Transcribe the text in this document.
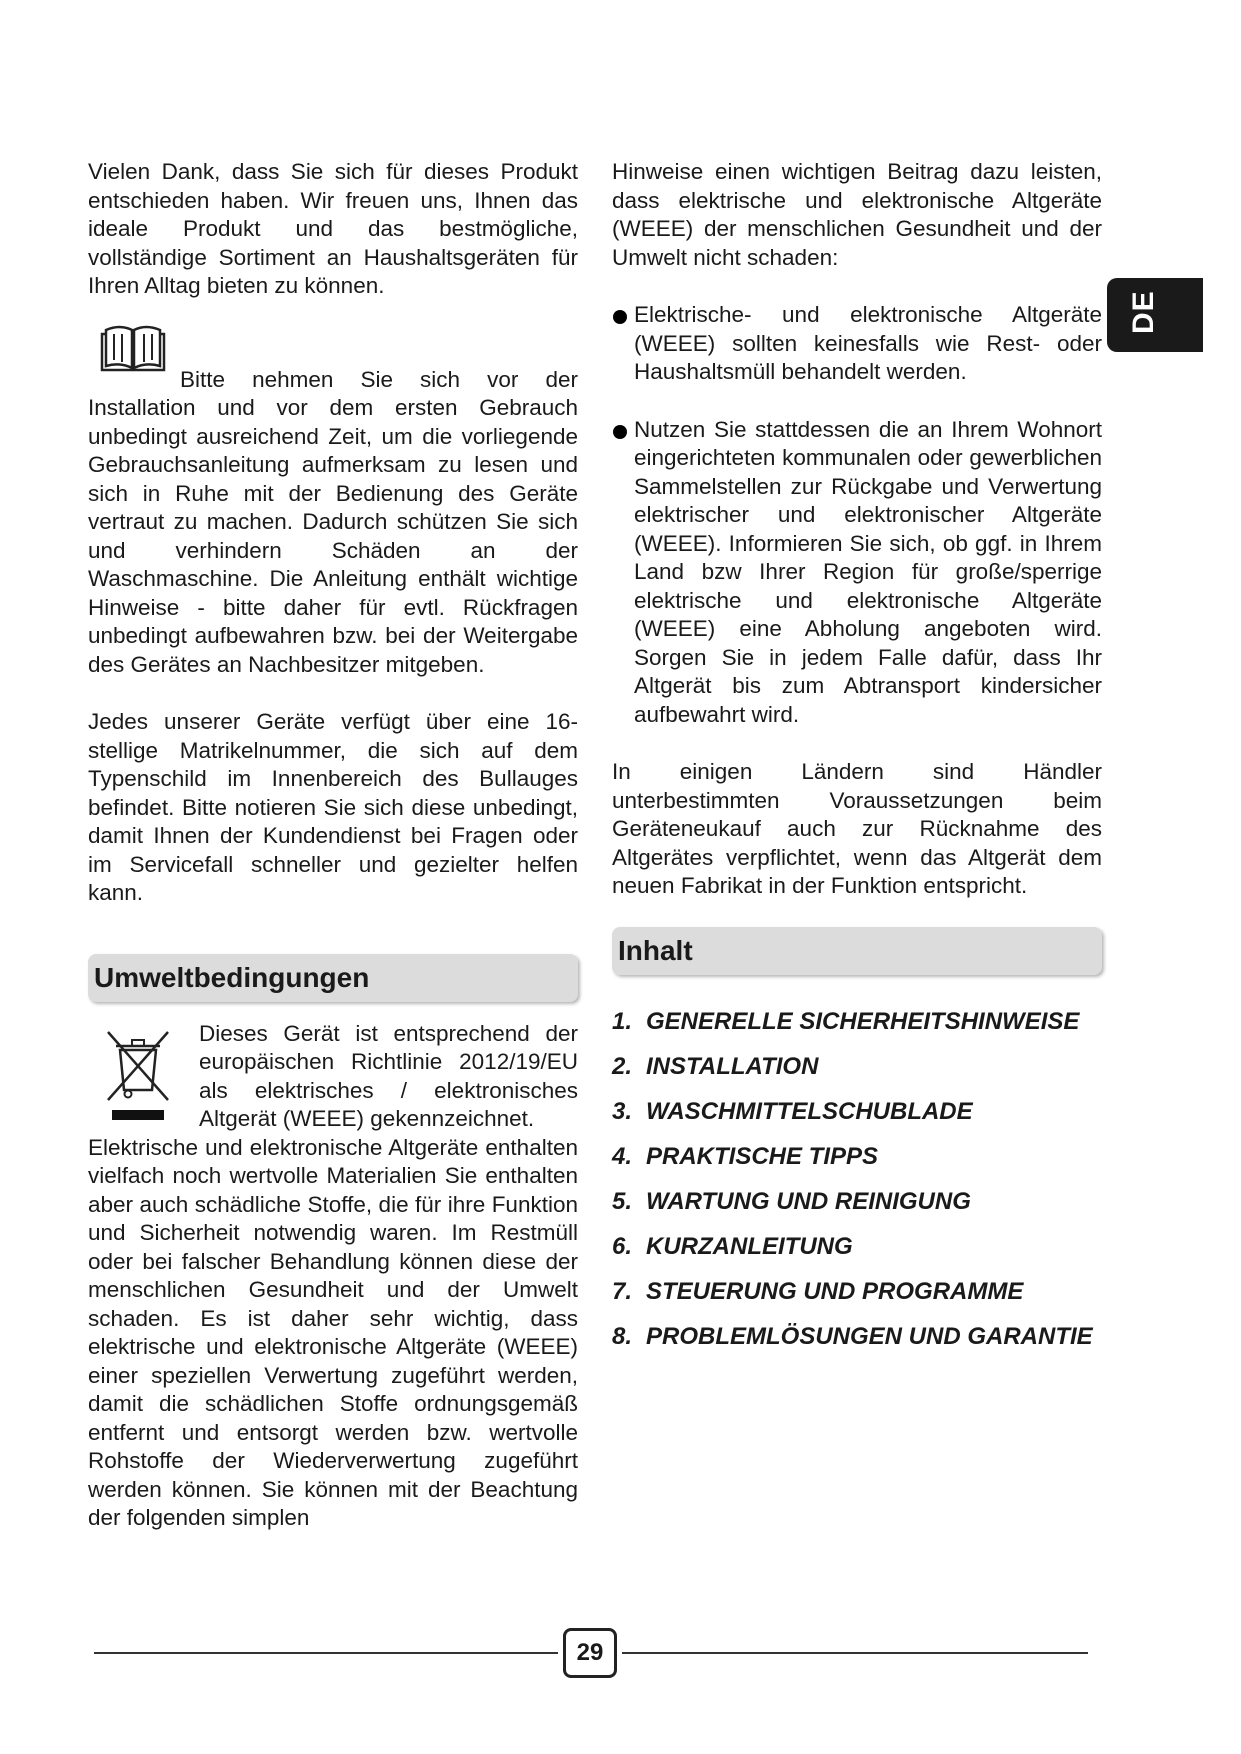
Vielen Dank, dass Sie sich für dieses Produkt entschieden haben. Wir freuen uns, Ihnen das ideale Produkt und das bestmögliche, vollständige Sortiment an Haushaltsgeräten für Ihren Alltag bieten zu können.

Bitte nehmen Sie sich vor der Installation und vor dem ersten Gebrauch unbedingt ausreichend Zeit, um die vorliegende Gebrauchsanleitung aufmerksam zu lesen und sich in Ruhe mit der Bedienung des Geräte vertraut zu machen. Dadurch schützen Sie sich und verhindern Schäden an der Waschmaschine. Die Anleitung enthält wichtige Hinweise - bitte daher für evtl. Rückfragen unbedingt aufbewahren bzw. bei der Weitergabe des Gerätes an Nachbesitzer mitgeben.

Jedes unserer Geräte verfügt über eine 16-stellige Matrikelnummer, die sich auf dem Typenschild im Innenbereich des Bullauges befindet. Bitte notieren Sie sich diese unbedingt, damit Ihnen der Kundendienst bei Fragen oder im Servicefall schneller und gezielter helfen kann.

Umweltbedingungen

Dieses Gerät ist entsprechend der europäischen Richtlinie 2012/19/EU als elektrisches / elektronisches Altgerät (WEEE) gekennzeichnet.

Elektrische und elektronische Altgeräte enthalten vielfach noch wertvolle Materialien Sie enthalten aber auch schädliche Stoffe, die für ihre Funktion und Sicherheit notwendig waren. Im Restmüll oder bei falscher Behandlung können diese der menschlichen Gesundheit und der Umwelt schaden. Es ist daher sehr wichtig, dass elektrische und elektronische Altgeräte (WEEE) einer speziellen Verwertung zugeführt werden, damit die schädlichen Stoffe ordnungsgemäß entfernt und entsorgt werden bzw. wertvolle Rohstoffe der Wiederverwertung zugeführt werden können. Sie können mit der Beachtung der folgenden simplen

Hinweise einen wichtigen Beitrag dazu leisten, dass elektrische und elektronische Altgeräte (WEEE) der menschlichen Gesundheit und der Umwelt nicht schaden:

Elektrische- und elektronische Altgeräte (WEEE) sollten keinesfalls wie Rest- oder Haushaltsmüll behandelt werden.

Nutzen Sie stattdessen die an Ihrem Wohnort eingerichteten kommunalen oder gewerblichen Sammelstellen zur Rückgabe und Verwertung elektrischer und elektronischer Altgeräte (WEEE). Informieren Sie sich, ob ggf. in Ihrem Land bzw Ihrer Region für große/sperrige elektrische und elektronische Altgeräte (WEEE) eine Abholung angeboten wird. Sorgen Sie in jedem Falle dafür, dass Ihr Altgerät bis zum Abtransport kindersicher aufbewahrt wird.

In einigen Ländern sind Händler unterbestimmten Voraussetzungen beim Geräteneukauf auch zur Rücknahme des Altgerätes verpflichtet, wenn das Altgerät dem neuen Fabrikat in der Funktion entspricht.

Inhalt
1. GENERELLE SICHERHEITSHINWEISE
2. INSTALLATION
3. WASCHMITTELSCHUBLADE
4. PRAKTISCHE TIPPS
5. WARTUNG UND REINIGUNG
6. KURZANLEITUNG
7. STEUERUNG UND PROGRAMME
8. PROBLEMLÖSUNGEN UND GARANTIE
DE
29
